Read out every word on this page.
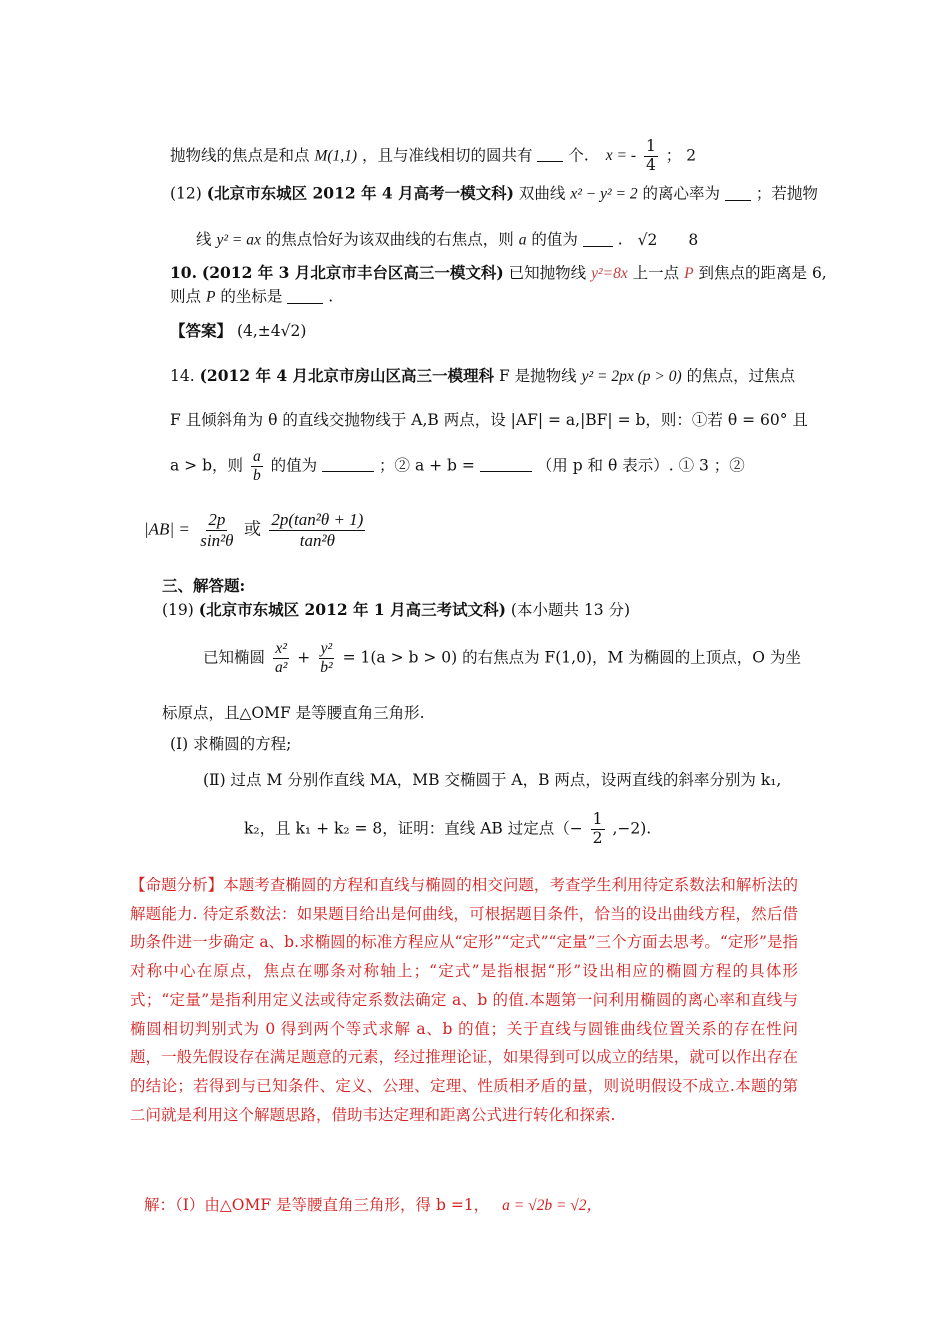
抛物线的焦点是和点 M(1,1) ，且与准线相切的圆共有 个. x = - $\frac{1}{4}$ ； 2
(12) (北京市东城区 2012 年 4 月高考一模文科) 双曲线 x² − y² = 2 的离心率为 ；若抛物
线 y² = ax 的焦点恰好为该双曲线的右焦点，则 a 的值为	. √2 8
10. (2012 年 3 月北京市丰台区高三一模文科) 已知抛物线 y²=8x 上一点 P 到焦点的距离是 6,
则点 P 的坐标是	.
【答案】 (4,±4√2)
14. (2012 年 4 月北京市房山区高三一模理科 F 是抛物线 y² = 2px (p > 0) 的焦点，过焦点
F 且倾斜角为 θ 的直线交抛物线于 A,B 两点，设 |AF| = a,|BF| = b，则：①若 θ = 60° 且
a > b，则 $\frac{a}{b}$ 的值为	；② a + b =	（用 p 和 θ 表示）. ① 3 ；②
$|AB| = \frac{2p}{\text{sin²θ}}$ 或 $\frac{\text{2p(tan²θ + 1)}}{\text{tan²θ}}$
三、解答题:
(19) (北京市东城区 2012 年 1 月高三考试文科) (本小题共 13 分)
已知椭圆 $\frac{\text{x²}}{\text{a²}} + \frac{\text{y²}}{\text{b²}} = 1(a > b > 0)$ 的右焦点为 F(1,0)，M 为椭圆的上顶点，O 为坐
标原点，且△OMF 是等腰直角三角形.
(Ⅰ) 求椭圆的方程;
(Ⅱ) 过点 M 分别作直线 MA，MB 交椭圆于 A，B 两点，设两直线的斜率分别为 k₁,
k₂，且 k₁ + k₂ = 8，证明：直线 AB 过定点（− $\frac{1}{2} ,-2$).
【命题分析】本题考查椭圆的方程和直线与椭圆的相交问题，考查学生利用待定系数法和解析法的解题能力. 待定系数法：如果题目给出是何曲线，可根据题目条件，恰当的设出曲线方程，然后借助条件进一步确定 a、b.求椭圆的标准方程应从“定形”“定式”“定量”三个方面去思考。“定形”是指对称中心在原点，焦点在哪条对称轴上；“定式”是指根据“形”设出相应的椭圆方程的具体形式；“定量”是指利用定义法或待定系数法确定 a、b 的值.本题第一问利用椭圆的离心率和直线与椭圆相切判别式为 0 得到两个等式求解 a、b 的值；关于直线与圆锥曲线位置关系的存在性问题，一般先假设存在满足题意的元素，经过推理论证，如果得到可以成立的结果，就可以作出存在的结论；若得到与已知条件、定义、公理、定理、性质相矛盾的量，则说明假设不成立.本题的第二问就是利用这个解题思路，借助韦达定理和距离公式进行转化和探索.
解：（Ⅰ）由△OMF 是等腰直角三角形，得 b =1， a = √2b = √2，
